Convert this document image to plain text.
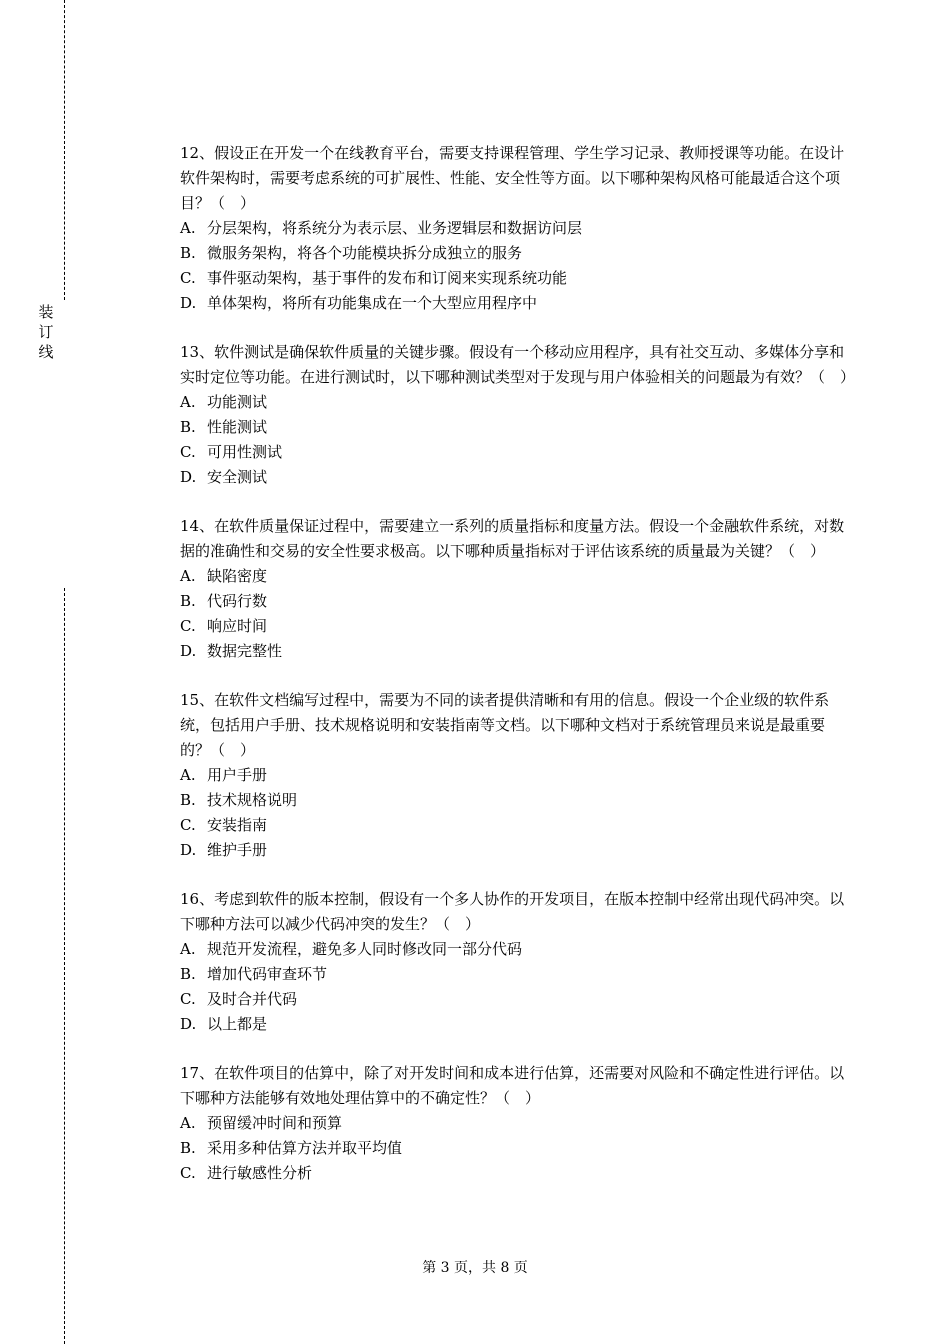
装
订
线

12、假设正在开发一个在线教育平台，需要支持课程管理、学生学习记录、教师授课等功能。在设计软件架构时，需要考虑系统的可扩展性、性能、安全性等方面。以下哪种架构风格可能最适合这个项目？（　）

A. 分层架构，将系统分为表示层、业务逻辑层和数据访问层
B. 微服务架构，将各个功能模块拆分成独立的服务
C. 事件驱动架构，基于事件的发布和订阅来实现系统功能
D. 单体架构，将所有功能集成在一个大型应用程序中

13、软件测试是确保软件质量的关键步骤。假设有一个移动应用程序，具有社交互动、多媒体分享和实时定位等功能。在进行测试时，以下哪种测试类型对于发现与用户体验相关的问题最为有效？（　）

A. 功能测试
B. 性能测试
C. 可用性测试
D. 安全测试

14、在软件质量保证过程中，需要建立一系列的质量指标和度量方法。假设一个金融软件系统，对数据的准确性和交易的安全性要求极高。以下哪种质量指标对于评估该系统的质量最为关键？（　）

A. 缺陷密度
B. 代码行数
C. 响应时间
D. 数据完整性

15、在软件文档编写过程中，需要为不同的读者提供清晰和有用的信息。假设一个企业级的软件系统，包括用户手册、技术规格说明和安装指南等文档。以下哪种文档对于系统管理员来说是最重要的？（　）

A. 用户手册
B. 技术规格说明
C. 安装指南
D. 维护手册

16、考虑到软件的版本控制，假设有一个多人协作的开发项目，在版本控制中经常出现代码冲突。以下哪种方法可以减少代码冲突的发生？（　）

A. 规范开发流程，避免多人同时修改同一部分代码
B. 增加代码审查环节
C. 及时合并代码
D. 以上都是

17、在软件项目的估算中，除了对开发时间和成本进行估算，还需要对风险和不确定性进行评估。以下哪种方法能够有效地处理估算中的不确定性？（　）

A. 预留缓冲时间和预算
B. 采用多种估算方法并取平均值
C. 进行敏感性分析
第 3 页，共 8 页
